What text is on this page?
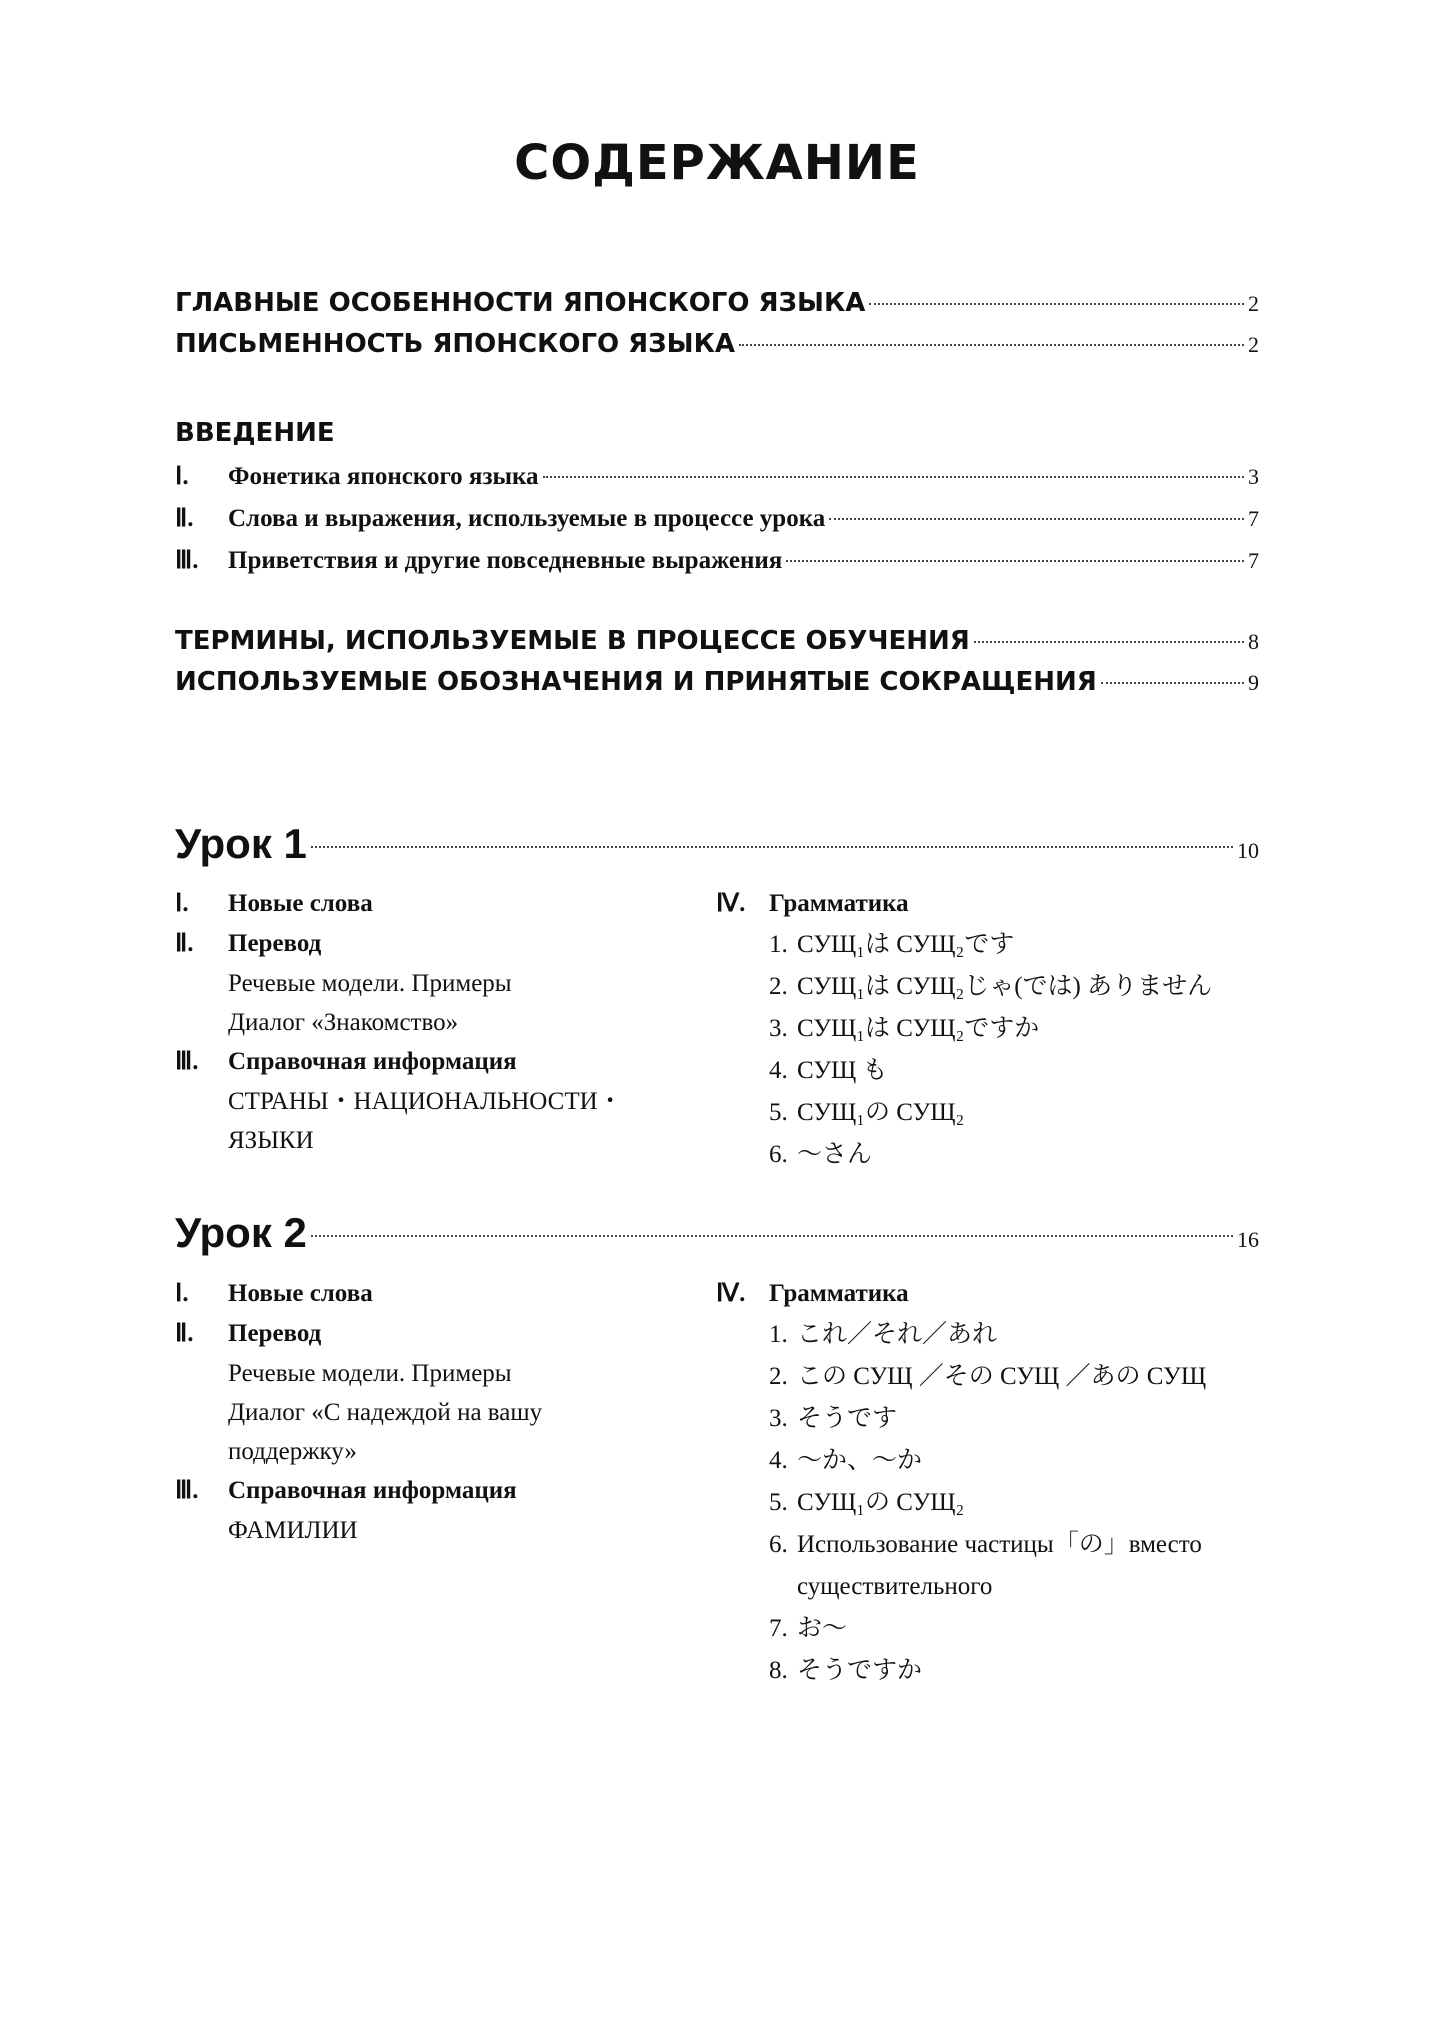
СОДЕРЖАНИЕ
ГЛАВНЫЕ ОСОБЕННОСТИ ЯПОНСКОГО ЯЗЫКА	2
ПИСЬМЕННОСТЬ ЯПОНСКОГО ЯЗЫКА	2
ВВЕДЕНИЕ
Ⅰ.	Фонетика японского языка	3
Ⅱ.	Слова и выражения, используемые в процессе урока	7
Ⅲ.	Приветствия и другие повседневные выражения	7
ТЕРМИНЫ, ИСПОЛЬЗУЕМЫЕ В ПРОЦЕССЕ ОБУЧЕНИЯ	8
ИСПОЛЬЗУЕМЫЕ ОБОЗНАЧЕНИЯ И ПРИНЯТЫЕ СОКРАЩЕНИЯ	9
Урок 1	10
Ⅰ. Новые слова
Ⅱ. Перевод
Речевые модели. Примеры
Диалог «Знакомство»
Ⅲ. Справочная информация
СТРАНЫ・НАЦИОНАЛЬНОСТИ・
ЯЗЫКИ
Ⅳ. Грамматика
1. СУЩ₁は СУЩ₂です
2. СУЩ₁は СУЩ₂じゃ(では) ありません
3. СУЩ₁は СУЩ₂ですか
4. СУЩ も
5. СУЩ₁の СУЩ₂
6. ～さん
Урок 2	16
Ⅰ. Новые слова
Ⅱ. Перевод
Речевые модели. Примеры
Диалог «С надеждой на вашу
поддержку»
Ⅲ. Справочная информация
ФАМИЛИИ
Ⅳ. Грамматика
1. これ／それ／あれ
2. この СУЩ ／その СУЩ ／あの СУЩ
3. そうです
4. ～か、～か
5. СУЩ₁の СУЩ₂
6. Использование частицы「の」вместо
существительного
7. お～
8. そうですか
